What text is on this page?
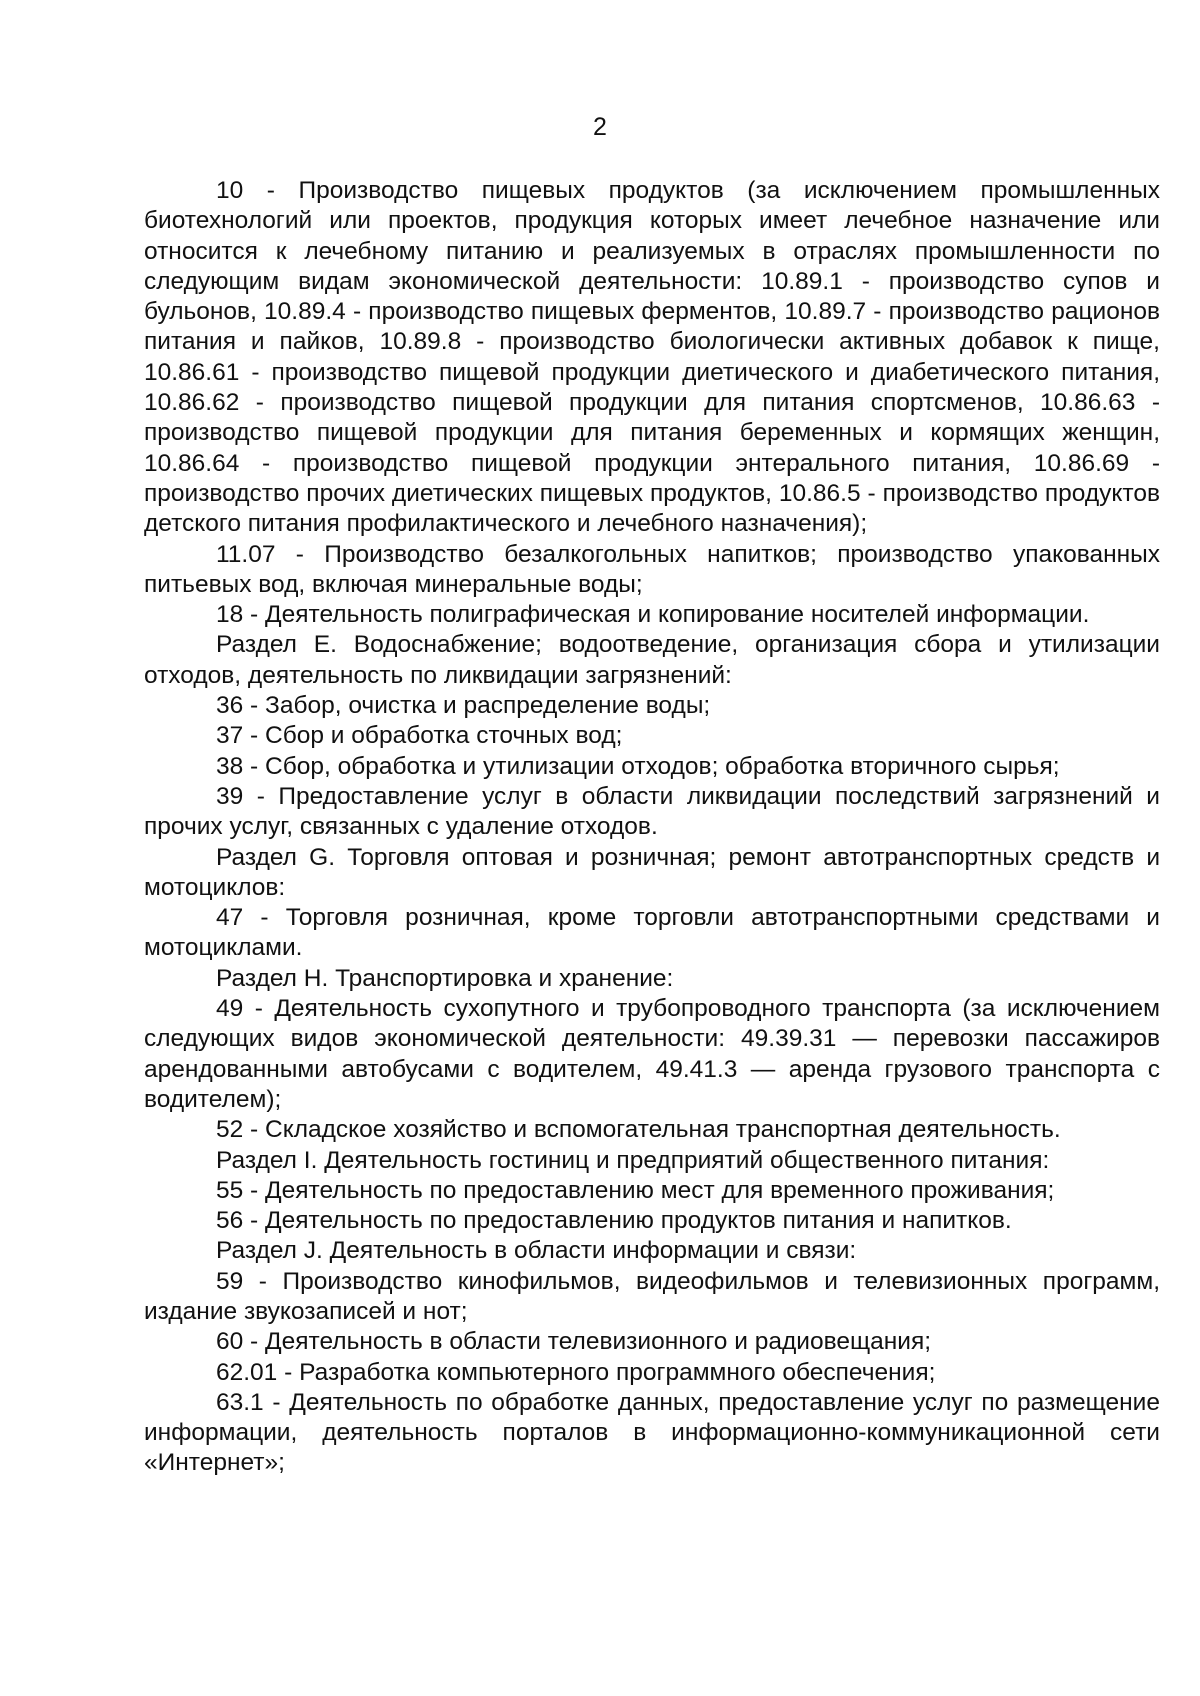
2

10 - Производство пищевых продуктов (за исключением промышленных биотехнологий или проектов, продукция которых имеет лечебное назначение или относится к лечебному питанию и реализуемых в отраслях промышленности по следующим видам экономической деятельности: 10.89.1 - производство супов и бульонов, 10.89.4 - производство пищевых ферментов, 10.89.7 - производство рационов питания и пайков, 10.89.8 - производство биологически активных добавок к пище, 10.86.61 - производство пищевой продукции диетического и диабетического питания, 10.86.62 - производство пищевой продукции для питания спортсменов, 10.86.63 - производство пищевой продукции для питания беременных и кормящих женщин, 10.86.64 - производство пищевой продукции энтерального питания, 10.86.69 - производство прочих диетических пищевых продуктов, 10.86.5 - производство продуктов детского питания профилактического и лечебного назначения);

11.07 - Производство безалкогольных напитков; производство упакованных питьевых вод, включая минеральные воды;

18 - Деятельность полиграфическая и копирование носителей информации.

Раздел Е. Водоснабжение; водоотведение, организация сбора и утилизации отходов, деятельность по ликвидации загрязнений:

36 - Забор, очистка и распределение воды;

37 - Сбор и обработка сточных вод;

38 - Сбор, обработка и утилизации отходов; обработка вторичного сырья;

39 - Предоставление услуг в области ликвидации последствий загрязнений и прочих услуг, связанных с удаление отходов.

Раздел G. Торговля оптовая и розничная; ремонт автотранспортных средств и мотоциклов:

47 - Торговля розничная, кроме торговли автотранспортными средствами и мотоциклами.

Раздел Н. Транспортировка и хранение:

49 - Деятельность сухопутного и трубопроводного транспорта (за исключением следующих видов экономической деятельности: 49.39.31 — перевозки пассажиров арендованными автобусами с водителем, 49.41.3 — аренда грузового транспорта с водителем);

52 - Складское хозяйство и вспомогательная транспортная деятельность.

Раздел I. Деятельность гостиниц и предприятий общественного питания:

55 - Деятельность по предоставлению мест для временного проживания;

56 - Деятельность по предоставлению продуктов питания и напитков.

Раздел J. Деятельность в области информации и связи:

59 - Производство кинофильмов, видеофильмов и телевизионных программ, издание звукозаписей и нот;

60 - Деятельность в области телевизионного и радиовещания;

62.01 - Разработка компьютерного программного обеспечения;

63.1 - Деятельность по обработке данных, предоставление услуг по размещение информации, деятельность порталов в информационно-коммуникационной сети «Интернет»;
